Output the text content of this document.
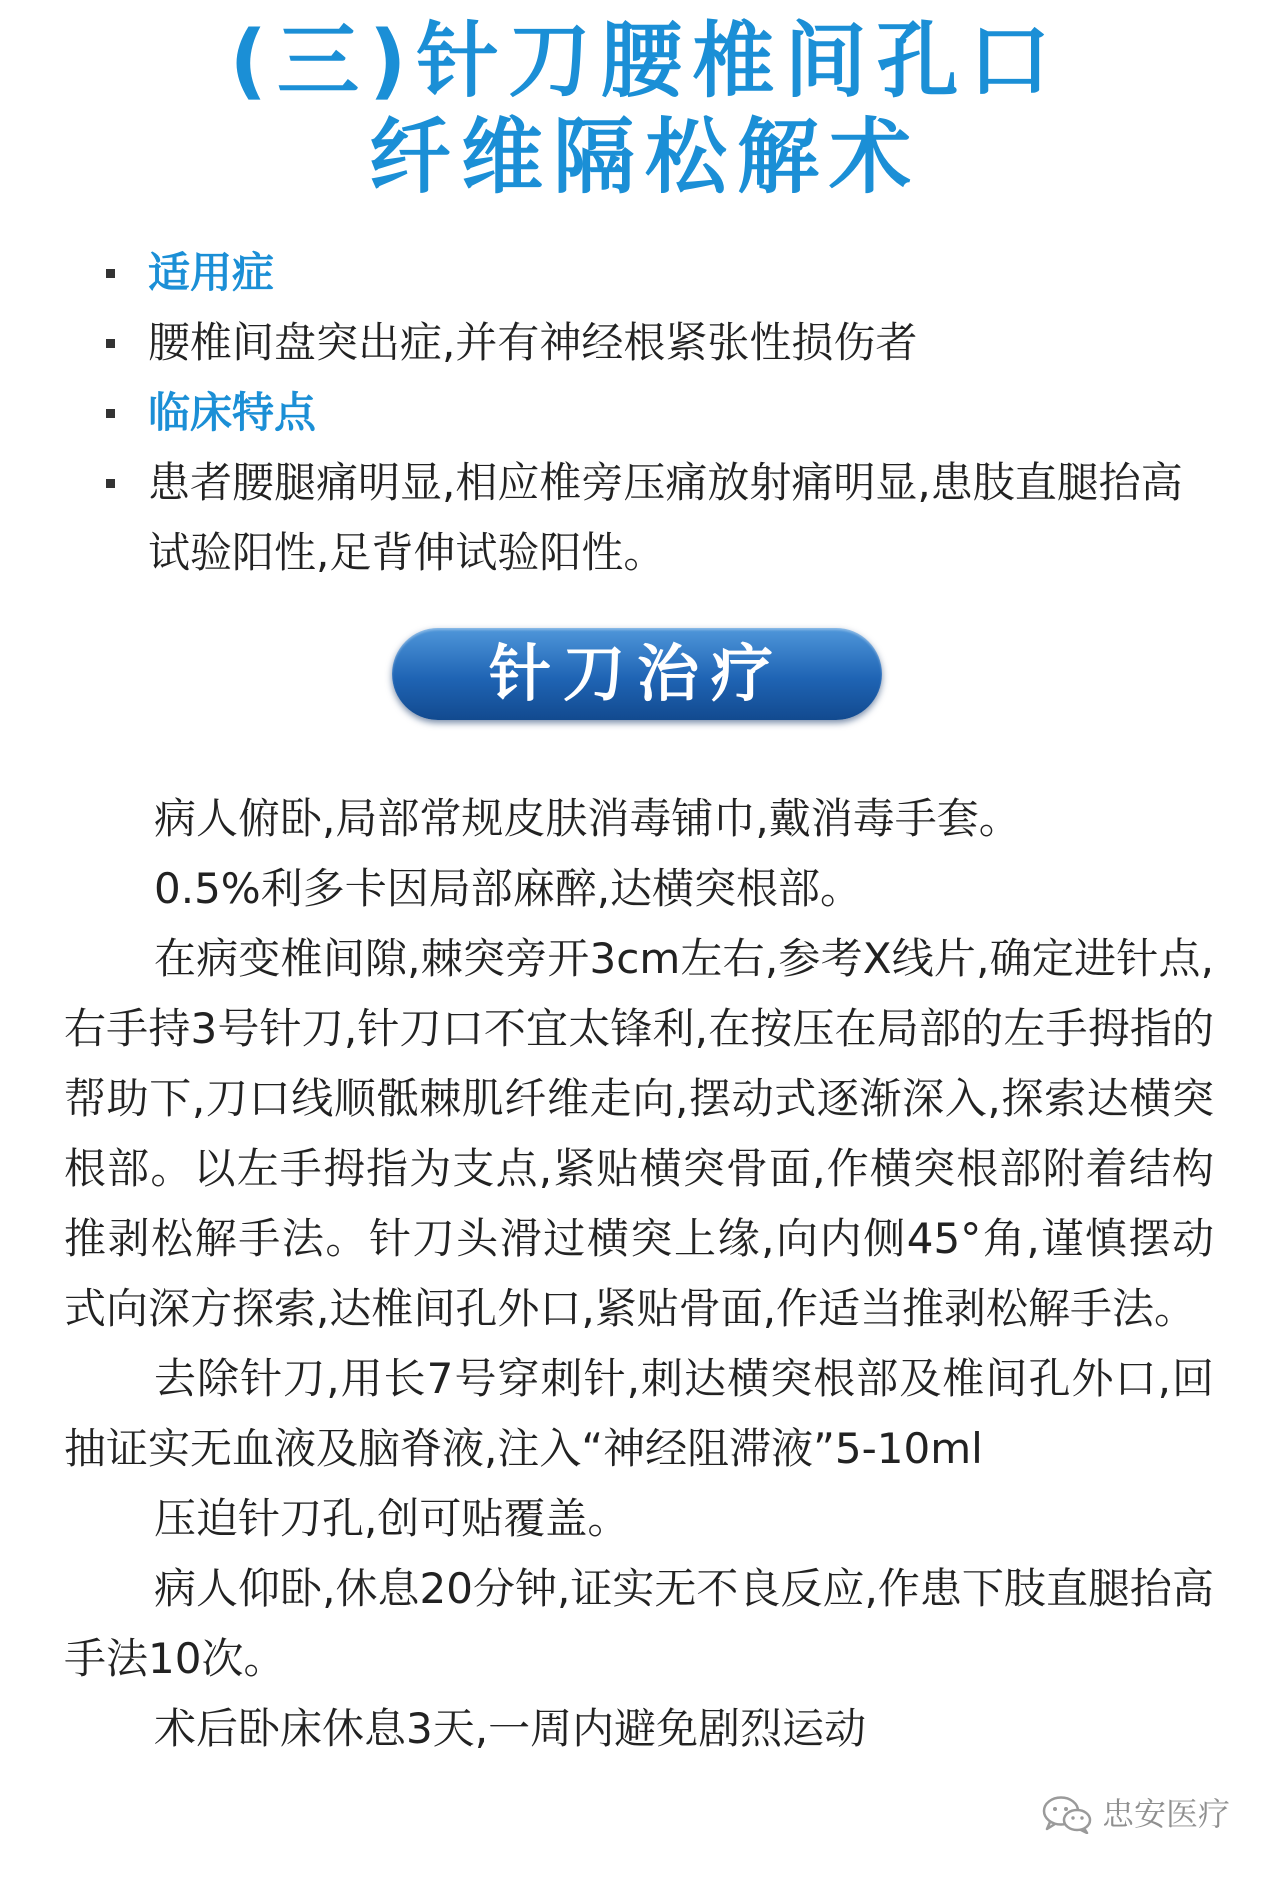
(三)针刀腰椎间孔口
纤维隔松解术
适用症
腰椎间盘突出症,并有神经根紧张性损伤者
临床特点
患者腰腿痛明显,相应椎旁压痛放射痛明显,患肢直腿抬高试验阳性,足背伸试验阳性。
针刀治疗

病人俯卧,局部常规皮肤消毒铺巾,戴消毒手套。

0.5%利多卡因局部麻醉,达横突根部。

在病变椎间隙,棘突旁开3cm左右,参考X线片,确定进针点,右手持3号针刀,针刀口不宜太锋利,在按压在局部的左手拇指的帮助下,刀口线顺骶棘肌纤维走向,摆动式逐渐深入,探索达横突根部。以左手拇指为支点,紧贴横突骨面,作横突根部附着结构推剥松解手法。针刀头滑过横突上缘,向内侧45°角,谨慎摆动式向深方探索,达椎间孔外口,紧贴骨面,作适当推剥松解手法。

去除针刀,用长7号穿刺针,刺达横突根部及椎间孔外口,回抽证实无血液及脑脊液,注入“神经阻滞液”5-10ml

压迫针刀孔,创可贴覆盖。

病人仰卧,休息20分钟,证实无不良反应,作患下肢直腿抬高手法10次。

术后卧床休息3天,一周内避免剧烈运动

忠安医疗
